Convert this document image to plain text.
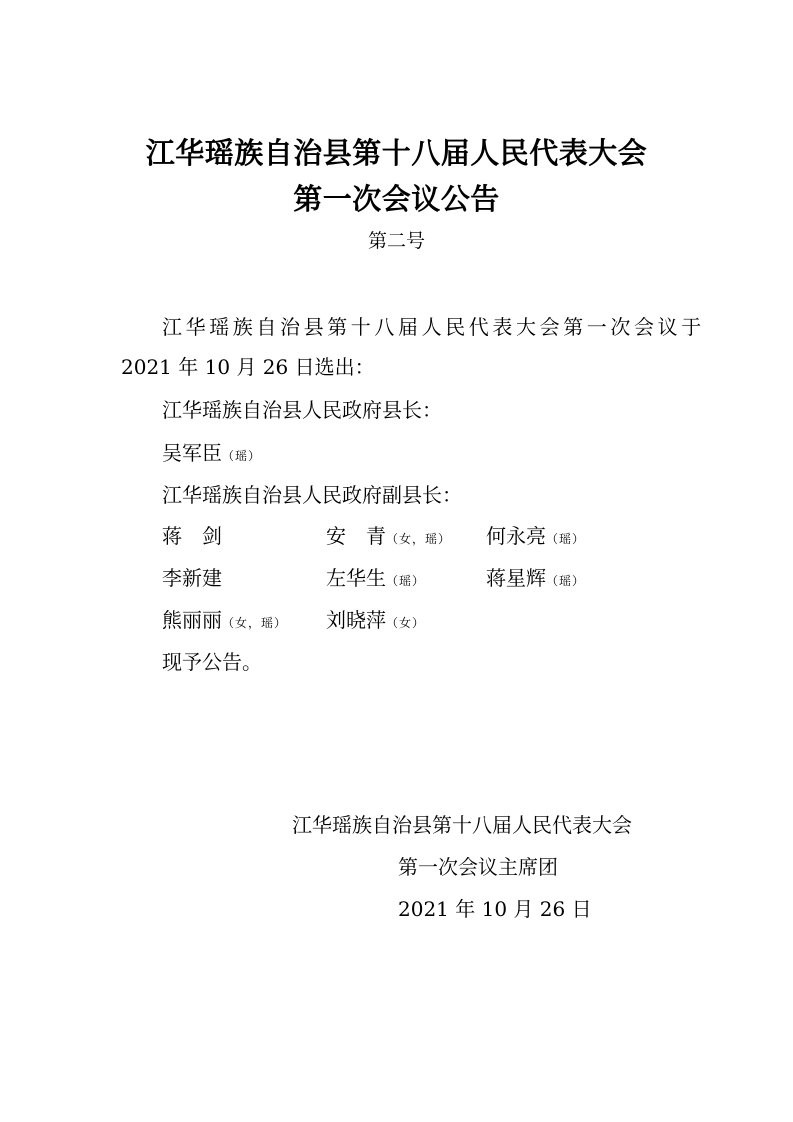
江华瑶族自治县第十八届人民代表大会
第一次会议公告
第二号
江华瑶族自治县第十八届人民代表大会第一次会议于
2021 年 10 月 26 日选出：
江华瑶族自治县人民政府县长：
吴军臣（瑶）
江华瑶族自治县人民政府副县长：
蒋　剑	安　青（女，瑶） 何永亮（瑶）
李新建	左华生（瑶）	蒋星辉（瑶）
熊丽丽（女，瑶） 刘晓萍（女）
现予公告。
江华瑶族自治县第十八届人民代表大会
第一次会议主席团
2021 年 10 月 26 日
